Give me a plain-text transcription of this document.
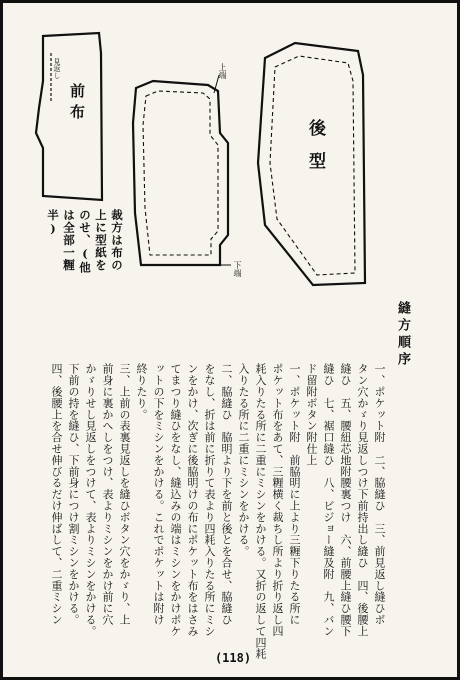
見返し
前布
上端
下端
後型
裁方は布の上に型紙をのせ、(他は全部一糎半)
縫方順序
一、ポケット附　二、脇縫ひ　三、前見返し縫ひボ
タン穴かゞり見返しつけ下前持出し縫ひ　四、後腰上
縫ひ　五、腰紐芯地附腰裏つけ　六、前腰上縫ひ腰下
縫ひ　七、裾口縫ひ　八、ビジョー縫及附　九、バン
ド留附ボタン附仕上
一、ポケット附　前脇明に上より三糎下りたる所に
ポケット布をあて、三糎横く裁ちし所より折り返し四
耗入りたる所に二重にミシンをかける。又折の返して四耗
入りたる所に二重にミシンをかける。
二、脇縫ひ　脇明より下を前と後とを合せ、脇縫ひ
をなし、折は前に折りて表より四耗入りたる所にミシ
ンをかけ、次ぎに後脇明けの布にポケット布をはさみ
てまつり縫ひをなし、縫込みの端はミシンをかけポケ
ットの下をミシンをかける。これでポケットは附け
終りたり。
三、上前の表裏見返しを縫ひボタン穴をかゞり、上
前身に裏かへしをつけ、表よりミシンをかけ前に穴
かゞりせし見返しをつけて、表よりミシンをかける。
下前の持を縫ひ、下前身につけ割ミシンをかける。
四、後腰上を合せ伸びるだけ伸ばして、二重ミシン
(118)
